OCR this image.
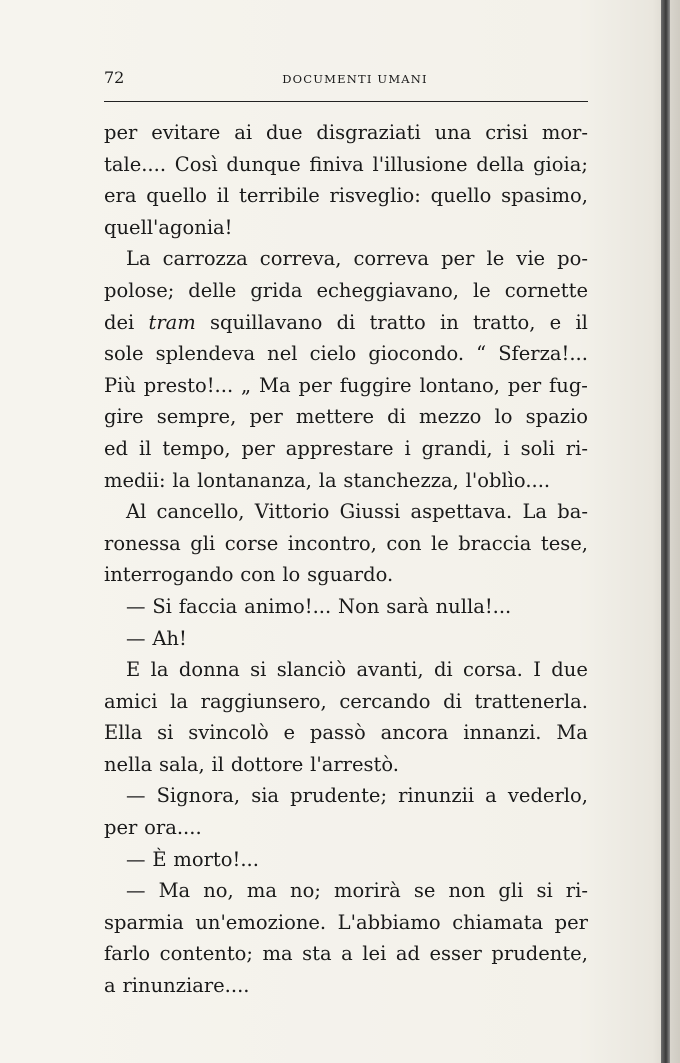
72	DOCUMENTI UMANI
per evitare ai due disgraziati una crisi mor-
tale.... Così dunque finiva l'illusione della gioia;
era quello il terribile risveglio: quello spasimo,
quell'agonia!
La carrozza correva, correva per le vie po-
polose; delle grida echeggiavano, le cornette
dei tram squillavano di tratto in tratto, e il
sole splendeva nel cielo giocondo. “ Sferza!...
Più presto!... „ Ma per fuggire lontano, per fug-
gire sempre, per mettere di mezzo lo spazio
ed il tempo, per apprestare i grandi, i soli ri-
medii: la lontananza, la stanchezza, l'oblìo....
Al cancello, Vittorio Giussi aspettava. La ba-
ronessa gli corse incontro, con le braccia tese,
interrogando con lo sguardo.
— Si faccia animo!... Non sarà nulla!...
— Ah!
E la donna si slanciò avanti, di corsa. I due
amici la raggiunsero, cercando di trattenerla.
Ella si svincolò e passò ancora innanzi. Ma
nella sala, il dottore l'arrestò.
— Signora, sia prudente; rinunzii a vederlo,
per ora....
— È morto!...
— Ma no, ma no; morirà se non gli si ri-
sparmia un'emozione. L'abbiamo chiamata per
farlo contento; ma sta a lei ad esser prudente,
a rinunziare....
